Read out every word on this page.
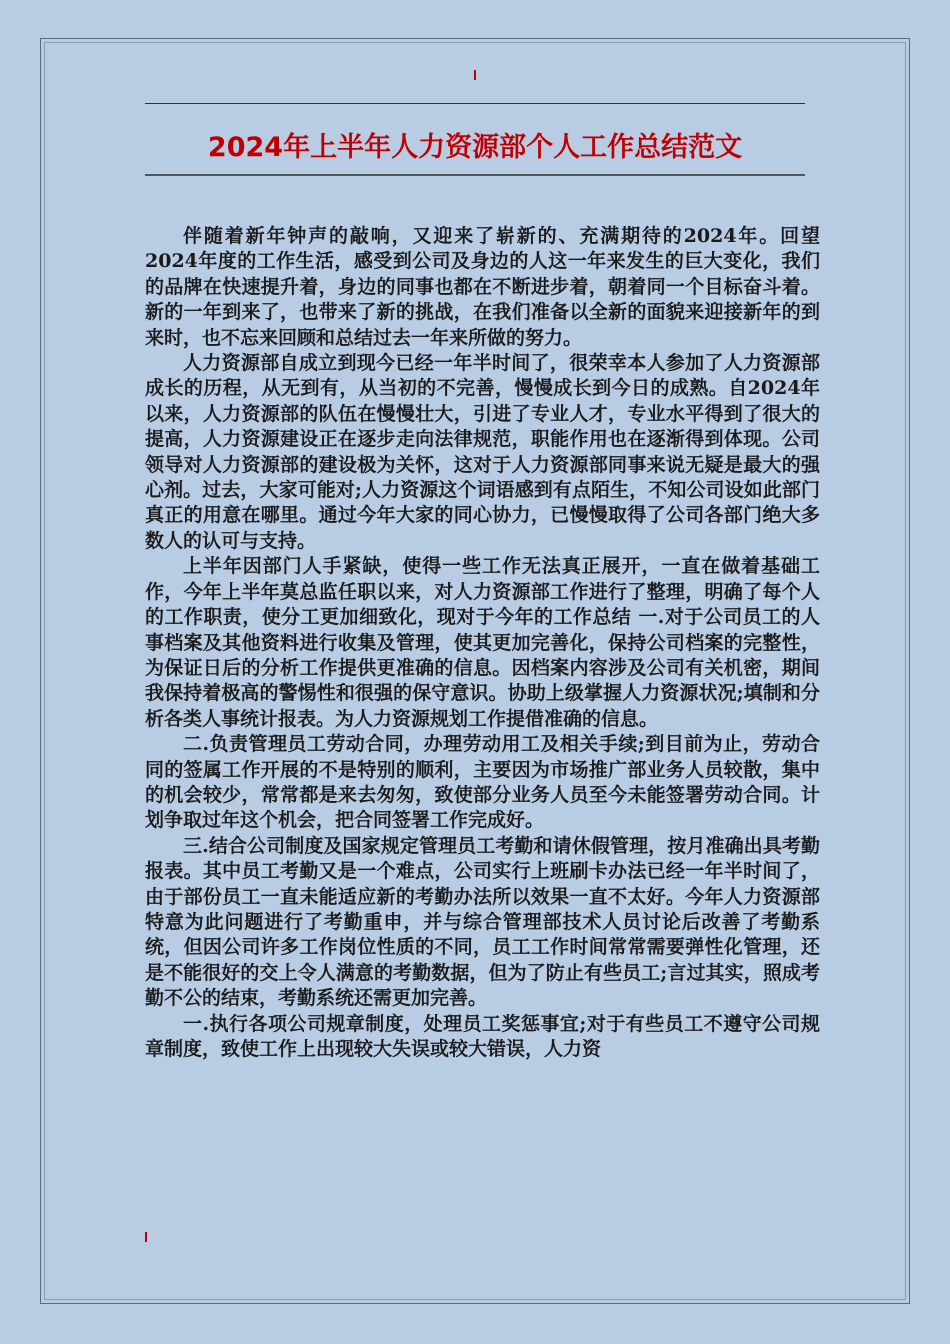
2024年上半年人力资源部个人工作总结范文

伴随着新年钟声的敲响，又迎来了崭新的、充满期待的2024年。回望2024年度的工作生活，感受到公司及身边的人这一年来发生的巨大变化，我们的品牌在快速提升着，身边的同事也都在不断进步着，朝着同一个目标奋斗着。新的一年到来了，也带来了新的挑战，在我们准备以全新的面貌来迎接新年的到来时，也不忘来回顾和总结过去一年来所做的努力。

人力资源部自成立到现今已经一年半时间了，很荣幸本人参加了人力资源部成长的历程，从无到有，从当初的不完善，慢慢成长到今日的成熟。自2024年以来，人力资源部的队伍在慢慢壮大，引进了专业人才，专业水平得到了很大的提高，人力资源建设正在逐步走向法律规范，职能作用也在逐渐得到体现。公司领导对人力资源部的建设极为关怀，这对于人力资源部同事来说无疑是最大的强心剂。过去，大家可能对;人力资源这个词语感到有点陌生，不知公司设如此部门真正的用意在哪里。通过今年大家的同心协力，已慢慢取得了公司各部门绝大多数人的认可与支持。

上半年因部门人手紧缺，使得一些工作无法真正展开，一直在做着基础工作，今年上半年莫总监任职以来，对人力资源部工作进行了整理，明确了每个人的工作职责，使分工更加细致化，现对于今年的工作总结 一.对于公司员工的人事档案及其他资料进行收集及管理，使其更加完善化，保持公司档案的完整性，为保证日后的分析工作提供更准确的信息。因档案内容涉及公司有关机密，期间我保持着极高的警惕性和很强的保守意识。协助上级掌握人力资源状况;填制和分析各类人事统计报表。为人力资源规划工作提借准确的信息。

二.负责管理员工劳动合同，办理劳动用工及相关手续;到目前为止，劳动合同的签属工作开展的不是特别的顺利，主要因为市场推广部业务人员较散，集中的机会较少，常常都是来去匆匆，致使部分业务人员至今未能签署劳动合同。计划争取过年这个机会，把合同签署工作完成好。

三.结合公司制度及国家规定管理员工考勤和请休假管理，按月准确出具考勤报表。其中员工考勤又是一个难点，公司实行上班刷卡办法已经一年半时间了，由于部份员工一直未能适应新的考勤办法所以效果一直不太好。今年人力资源部特意为此问题进行了考勤重申，并与综合管理部技术人员讨论后改善了考勤系统，但因公司许多工作岗位性质的不同，员工工作时间常常需要弹性化管理，还是不能很好的交上令人满意的考勤数据，但为了防止有些员工;言过其实，照成考勤不公的结束，考勤系统还需更加完善。

一.执行各项公司规章制度，处理员工奖惩事宜;对于有些员工不遵守公司规章制度，致使工作上出现较大失误或较大错误，人力资
